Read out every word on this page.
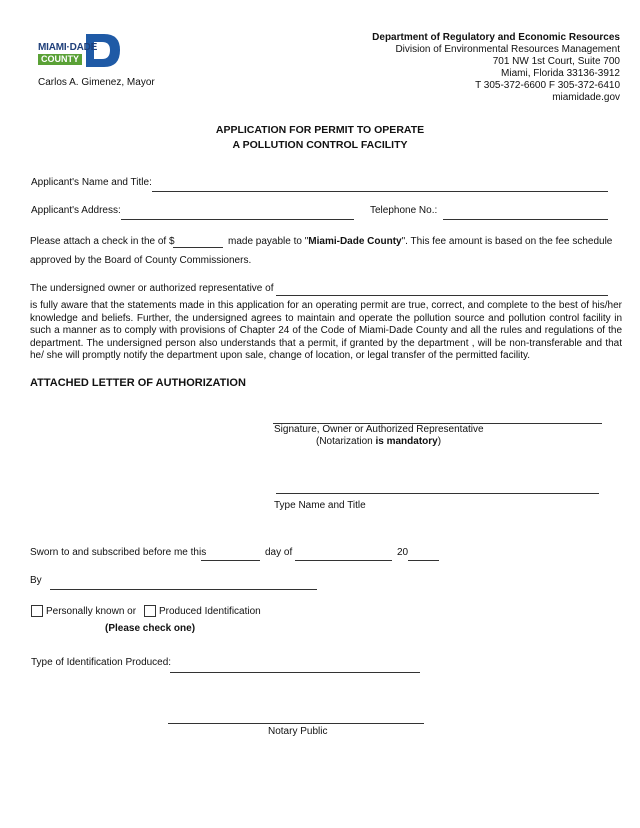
MIAMI·DADE
COUNTY
Carlos A. Gimenez, Mayor
Department of Regulatory and Economic Resources
Division of Environmental Resources Management
701 NW 1st Court, Suite 700
Miami, Florida 33136-3912
T 305-372-6600 F 305-372-6410
miamidade.gov
APPLICATION FOR PERMIT TO OPERATE
A POLLUTION CONTROL FACILITY
Applicant's Name and Title:
Applicant's Address:	Telephone No.:
Please attach a check in the of $	made payable to "Miami-Dade County". This fee amount is based on the fee schedule
approved by the Board of County Commissioners.
The undersigned owner or authorized representative of
is fully aware that the statements made in this application for an operating permit are true, correct, and complete to the best of his/her knowledge and beliefs. Further, the undersigned agrees to maintain and operate the pollution source and pollution control facility in such a manner as to comply with provisions of Chapter 24 of the Code of Miami-Dade County and all the rules and regulations of the department. The undersigned person also understands that a permit, if granted by the department , will be non-transferable and that he/ she will promptly notify the department upon sale, change of location, or legal transfer of the permitted facility.
ATTACHED LETTER OF AUTHORIZATION
Signature, Owner or Authorized Representative
(Notarization is mandatory)
Type Name and Title
Sworn to and subscribed before me this	day of	20
By
Personally known or Produced Identification
(Please check one)
Type of Identification Produced:
Notary Public
